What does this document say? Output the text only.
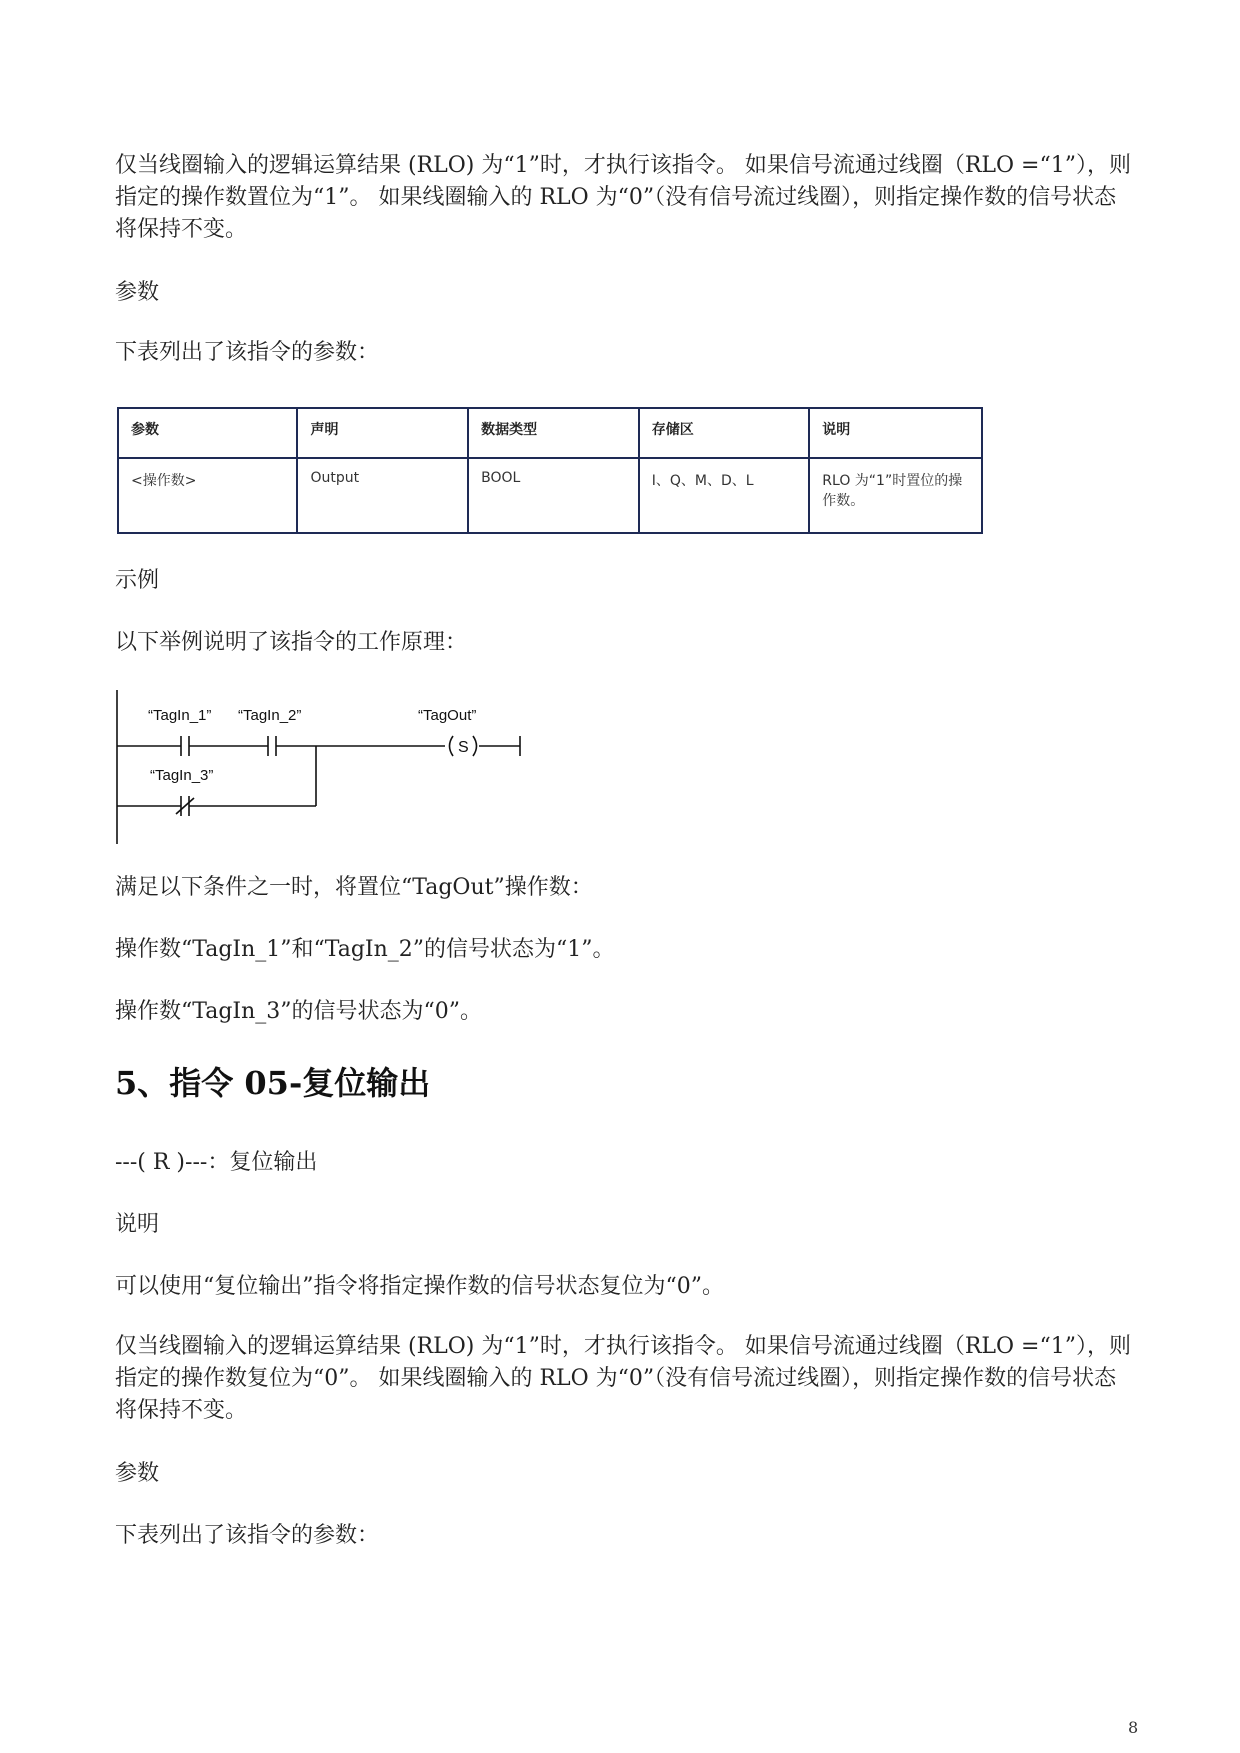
仅当线圈输入的逻辑运算结果 (RLO) 为“1”时，才执行该指令。 如果信号流通过线圈（RLO =“1”），则指定的操作数置位为“1”。 如果线圈输入的 RLO 为“0”（没有信号流过线圈），则指定操作数的信号状态将保持不变。

参数

下表列出了该指令的参数：

参数	声明	数据类型	存储区	说明
<操作数>	Output	BOOL	I、Q、M、D、L	RLO 为“1”时置位的操作数。

示例

以下举例说明了该指令的工作原理：

“TagIn_1” “TagIn_2”	“TagOut”
“TagIn_3”
S

满足以下条件之一时，将置位“TagOut”操作数：

操作数“TagIn_1”和“TagIn_2”的信号状态为“1”。

操作数“TagIn_3”的信号状态为“0”。

5、指令 05-复位输出

---( R )---：复位输出

说明

可以使用“复位输出”指令将指定操作数的信号状态复位为“0”。

仅当线圈输入的逻辑运算结果 (RLO) 为“1”时，才执行该指令。 如果信号流通过线圈（RLO =“1”），则指定的操作数复位为“0”。 如果线圈输入的 RLO 为“0”（没有信号流过线圈），则指定操作数的信号状态将保持不变。

参数

下表列出了该指令的参数：

8
